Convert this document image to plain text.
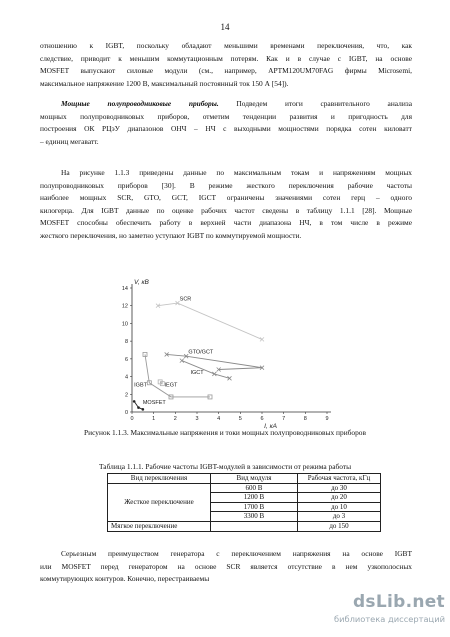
14

отношению к IGBT, поскольку обладают меньшими временами переключения, что, как
следствие, приводит к меньшим коммутационным потерям. Как и в случае с IGBT, на основе
MOSFET выпускают силовые модули (см., например, APTM120UM70FAG фирмы Microsemi,
максимальное напряжение 1200 В, максимальный постоянный ток 150 А [54]).

Мощные полупроводниковые приборы. Подведем итоги сравнительного анализа
мощных полупроводниковых приборов, отметим тенденции развития и пригодность для
построения ОК РЦэУ диапазонов ОНЧ – НЧ с выходными мощностями порядка сотен киловатт
– единиц мегаватт.

На рисунке 1.1.3 приведены данные по максимальным токам и напряжениям мощных
полупроводниковых приборов [30]. В режиме жесткого переключения рабочие частоты
наиболее мощных SCR, GTO, GCT, IGCT ограничены значениями сотен герц – одного
килогерца. Для IGBT данные по оценке рабочих частот сведены в таблицу 1.1.1 [28]. Мощные
MOSFET способны обеспечить работу в верхней части диапазона НЧ, в том числе в режиме
жесткого переключения, но заметно уступают IGBT по коммутируемой мощности.

0	1	2	3	4	5	6	7	8	9
0
2
4
6
8
10
12
14
V, кВ
I, кА
SCR
GTO/GCT
IGCT
IEGT
IGBT
MOSFET
Рисунок 1.1.3. Максимальные напряжения и токи мощных полупроводниковых приборов
Таблица 1.1.1. Рабочие частоты IGBT-модулей в зависимости от режима работы
Вид переключения	Вид модуля	Рабочая частота, кГц
Жесткое переключение	600 В	до 30
	1200 В	до 20
	1700 В	до 10
	3300 В	до 3
Мягкое переключение		до 150

Серьезным преимуществом генератора с переключением напряжения на основе IGBT
или MOSFET перед генератором на основе SCR является отсутствие в нем узкополосных
коммутирующих контуров. Конечно, перестраиваемы

dsLib.net
библиотека диссертаций
